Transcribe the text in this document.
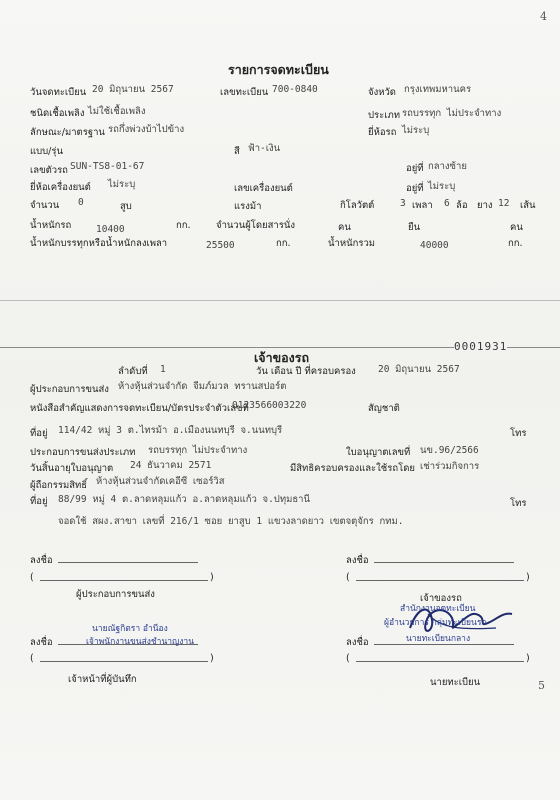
4
รายการจดทะเบียน
วันจดทะเบียน 20 มิถุนายน 2567	เลขทะเบียน 700-0840	จังหวัด กรุงเทพมหานคร
ชนิดเชื้อเพลิง ไม่ใช้เชื้อเพลิง	ประเภท รถบรรทุก ไม่ประจำทาง
ลักษณะ/มาตรฐาน รถกึ่งพ่วงบ้าไปข้าง	ยี่ห้อรถ ไม่ระบุ
แบบ/รุ่น	สี ฟ้า-เงิน
เลขตัวรถ SUN-TS8-01-67	อยู่ที่ กลางซ้าย
ยี่ห้อเครื่องยนต์ ไม่ระบุ	เลขเครื่องยนต์	อยู่ที่ ไม่ระบุ
จำนวน 0	สูบ	แรงม้า	กิโลวัตต์	3 เพลา 6 ล้อ ยาง 12 เส้น
น้ำหนักรถ	10400	กก.	จำนวนผู้โดยสารนั่ง	คน	ยืน	คน
น้ำหนักบรรทุกหรือน้ำหนักลงเพลา	25500	กก.	น้ำหนักรวม	40000	กก.
0001931
เจ้าของรถ
ลำดับที่ 1	วัน เดือน ปี ที่ครอบครอง 20 มิถุนายน 2567
ผู้ประกอบการขนส่ง ห้างหุ้นส่วนจำกัด จีมภ์มวล ทรานสปอร์ต
หนังสือสำคัญแสดงการจดทะเบียน/บัตรประจำตัวเลขที่
0123566003220	สัญชาติ
ที่อยู่ 114/42 หมู่ 3 ต.ไทรม้า อ.เมืองนนทบุรี จ.นนทบุรี	โทร
ประกอบการขนส่งประเภท รถบรรทุก ไม่ประจำทาง	ใบอนุญาตเลขที่ นข.96/2566
วันสิ้นอายุใบอนุญาต 24 ธันวาคม 2571	มีสิทธิครอบครองและใช้รถโดย เช่าร่วมกิจการ
ผู้ถือกรรมสิทธิ์ ห้างหุ้นส่วนจำกัดเคอีซี เซอร์วิส
ที่อยู่ 88/99 หมู่ 4 ต.ลาดหลุมแก้ว อ.ลาดหลุมแก้ว จ.ปทุมธานี	โทร
จอดใช้ สผง.สาขา เลขที่ 216/1 ซอย ยาสูบ 1 แขวงลาดยาว เขตจตุจักร กทม.
ลงชื่อ
(	)
ผู้ประกอบการขนส่ง
ลงชื่อ
(	)
เจ้าของรถ
ลงชื่อ
นายณัฐกิตรา อำนีอง
เจ้าพนักงานขนส่งชำนาญงาน
(	)
เจ้าหน้าที่ผู้บันทึก
ลงชื่อ
สำนักงานจดทะเบียน
ผู้อำนวยการ กลุ่มทะเบียนรถ
นายทะเบียนกลาง
(	)
นายทะเบียน	5
